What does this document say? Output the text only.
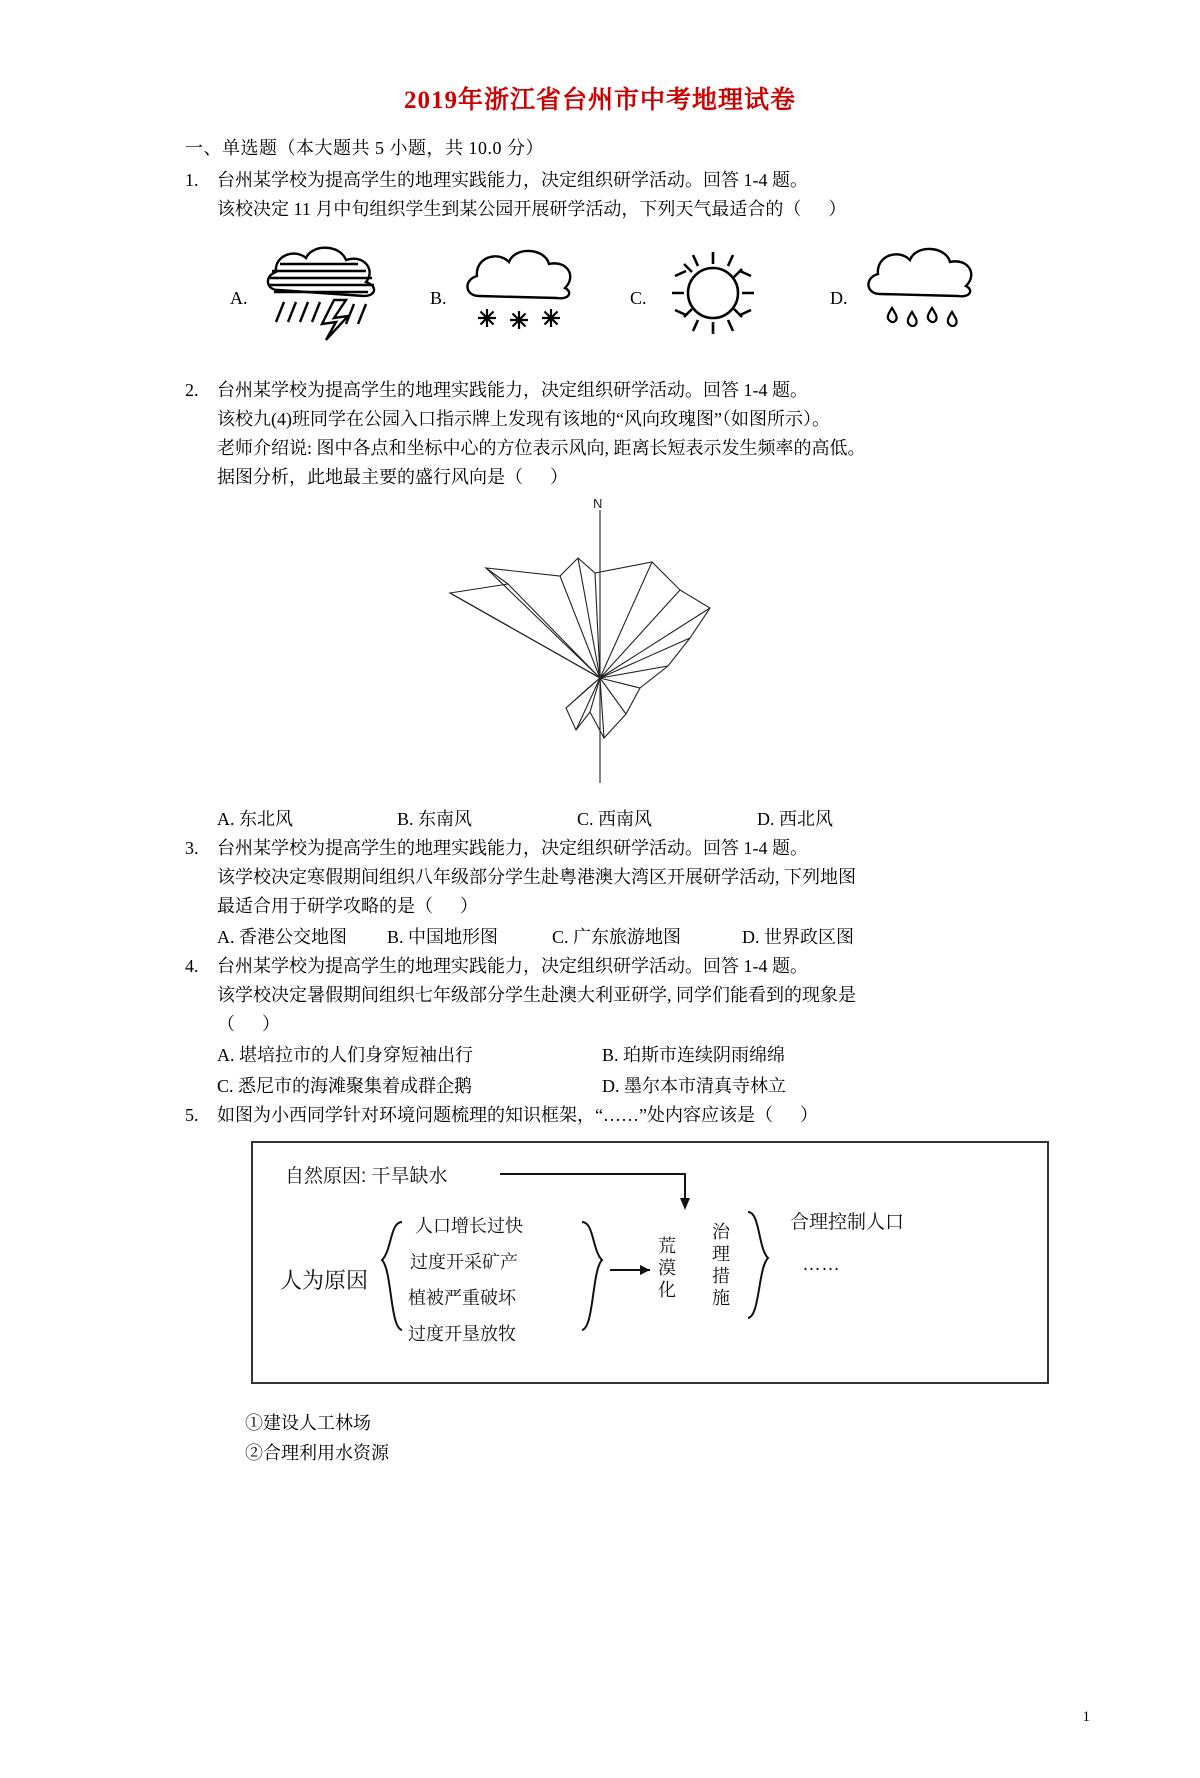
2019年浙江省台州市中考地理试卷
一、单选题（本大题共 5 小题，共 10.0 分）
1.	台州某学校为提高学生的地理实践能力，决定组织研学活动。回答 1-4 题。
该校决定 11 月中旬组织学生到某公园开展研学活动，下列天气最适合的（      ）
A.	B.	C.	D.
2.	台州某学校为提高学生的地理实践能力，决定组织研学活动。回答 1-4 题。
该校九(4)班同学在公园入口指示牌上发现有该地的“风向玫瑰图”（如图所示）。
老师介绍说: 图中各点和坐标中心的方位表示风向, 距离长短表示发生频率的高低。
据图分析，此地最主要的盛行风向是（      ）
N
A. 东北风	B. 东南风	C. 西南风	D. 西北风
3.	台州某学校为提高学生的地理实践能力，决定组织研学活动。回答 1-4 题。
该学校决定寒假期间组织八年级部分学生赴粤港澳大湾区开展研学活动, 下列地图
最适合用于研学攻略的是（      ）
A. 香港公交地图	B. 中国地形图	C. 广东旅游地图	D. 世界政区图
4.	台州某学校为提高学生的地理实践能力，决定组织研学活动。回答 1-4 题。
该学校决定暑假期间组织七年级部分学生赴澳大利亚研学, 同学们能看到的现象是
（      ）
A. 堪培拉市的人们身穿短袖出行	B. 珀斯市连续阴雨绵绵
C. 悉尼市的海滩聚集着成群企鹅	D. 墨尔本市清真寺林立
5.	如图为小西同学针对环境问题梳理的知识框架，“……”处内容应该是（      ）
自然原因: 干旱缺水
人为原因
人口增长过快
过度开采矿产
植被严重破坏
过度开垦放牧
荒
漠
化
治
理
措
施
合理控制人口
……
①建设人工林场
②合理利用水资源
1
